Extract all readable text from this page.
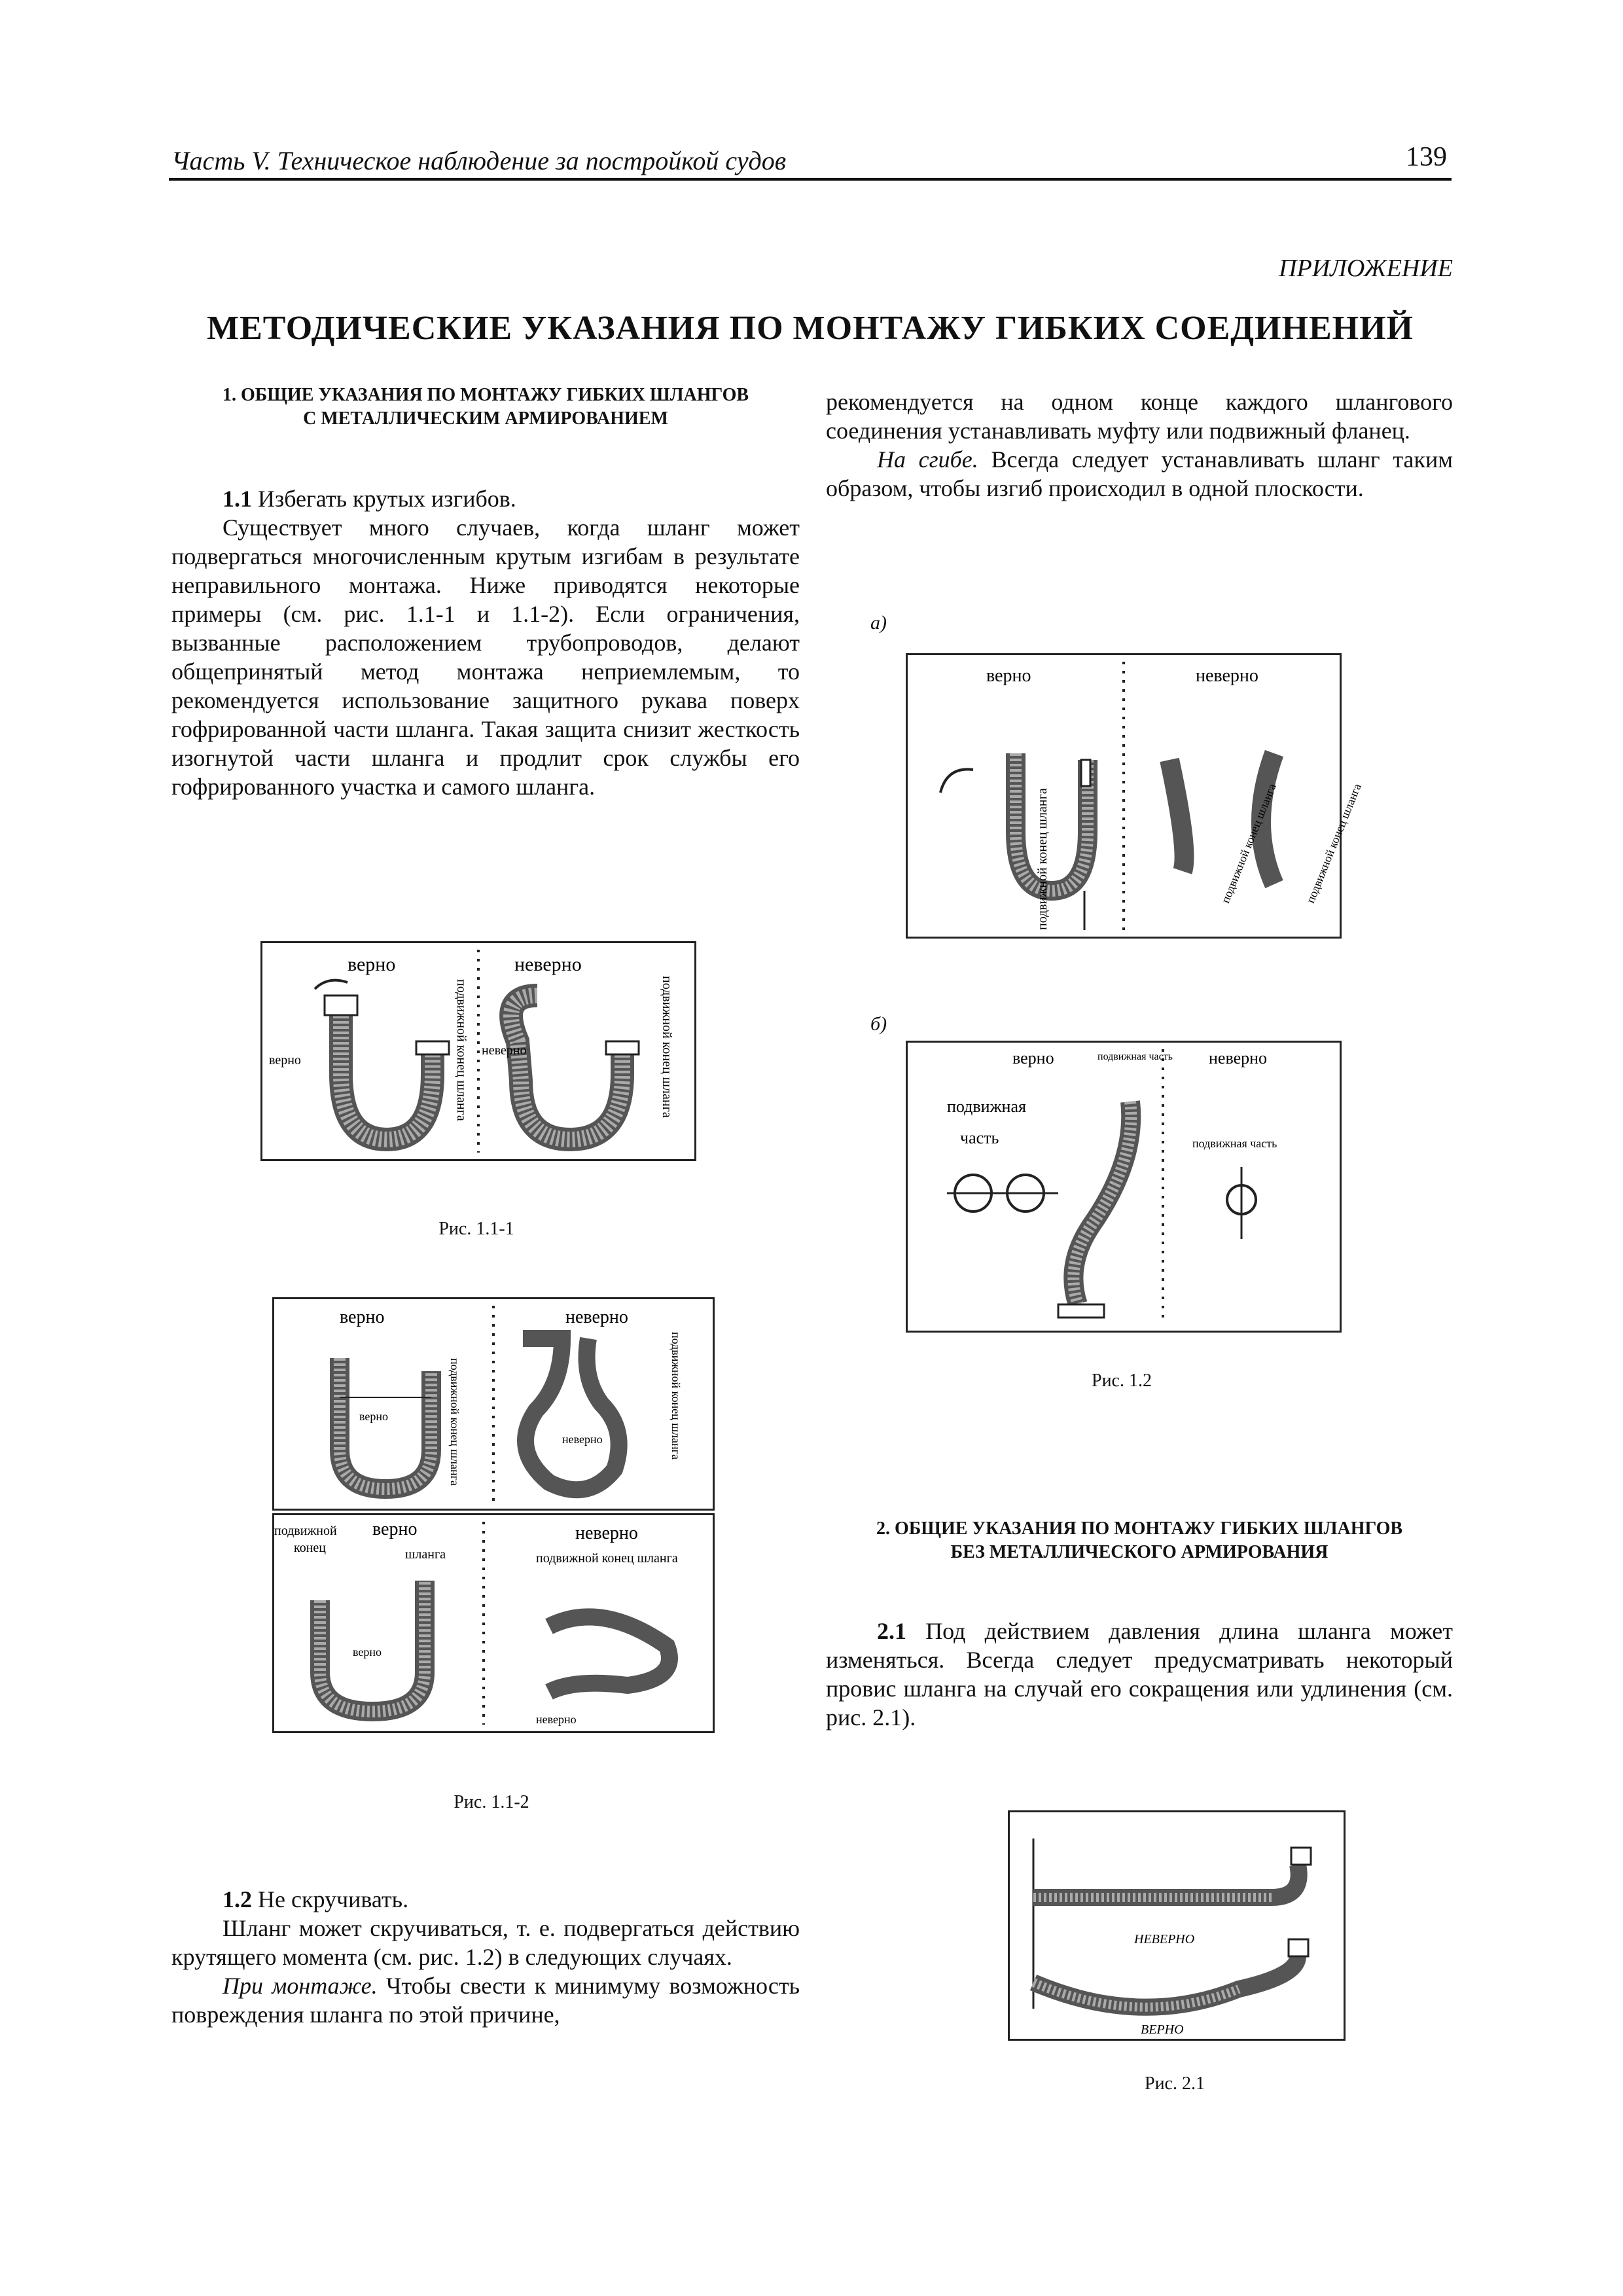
Часть V. Техническое наблюдение за постройкой судов	139
ПРИЛОЖЕНИЕ
МЕТОДИЧЕСКИЕ УКАЗАНИЯ ПО МОНТАЖУ ГИБКИХ СОЕДИНЕНИЙ
1. ОБЩИЕ УКАЗАНИЯ ПО МОНТАЖУ ГИБКИХ ШЛАНГОВ
С МЕТАЛЛИЧЕСКИМ АРМИРОВАНИЕМ
1.1 Избегать крутых изгибов.
Существует много случаев, когда шланг может подвергаться многочисленным крутым изгибам в результате неправильного монтажа. Ниже приводятся некоторые примеры (см. рис. 1.1-1 и 1.1-2). Если ограничения, вызванные расположением трубопроводов, делают общепринятый метод монтажа неприемлемым, то рекомендуется использование защитного рукава поверх гофрированной части шланга. Такая защита снизит жесткость изогнутой части шланга и продлит срок службы его гофрированного участка и самого шланга.
верно	неверно
верно	подвижной конец шланга неверно	подвижной конец шланга
Рис. 1.1-1
верно	неверно
верно	подвижной конец шланга	неверно	подвижной конец шланга
подвижной верно
конец	шланга
верно
неверно
подвижной конец шланга
неверно
Рис. 1.1-2
1.2 Не скручивать.
Шланг может скручиваться, т. е. подвергаться действию крутящего момента (см. рис. 1.2) в следующих случаях.
При монтаже. Чтобы свести к минимуму возможность повреждения шланга по этой причине,
рекомендуется на одном конце каждого шлангового соединения устанавливать муфту или подвижный фланец.
На сгибе. Всегда следует устанавливать шланг таким образом, чтобы изгиб происходил в одной плоскости.
а)
верно	неверно
подвижной конец шланга	подвижной конец шланга подвижной конец шланга
б)
верно	неверно
подвижная часть
подвижная
часть	подвижная часть
Рис. 1.2
2. ОБЩИЕ УКАЗАНИЯ ПО МОНТАЖУ ГИБКИХ ШЛАНГОВ
БЕЗ МЕТАЛЛИЧЕСКОГО АРМИРОВАНИЯ
2.1 Под действием давления длина шланга может изменяться. Всегда следует предусматривать некоторый провис шланга на случай его сокращения или удлинения (см. рис. 2.1).
НЕВЕРНО
ВЕРНО
Рис. 2.1
